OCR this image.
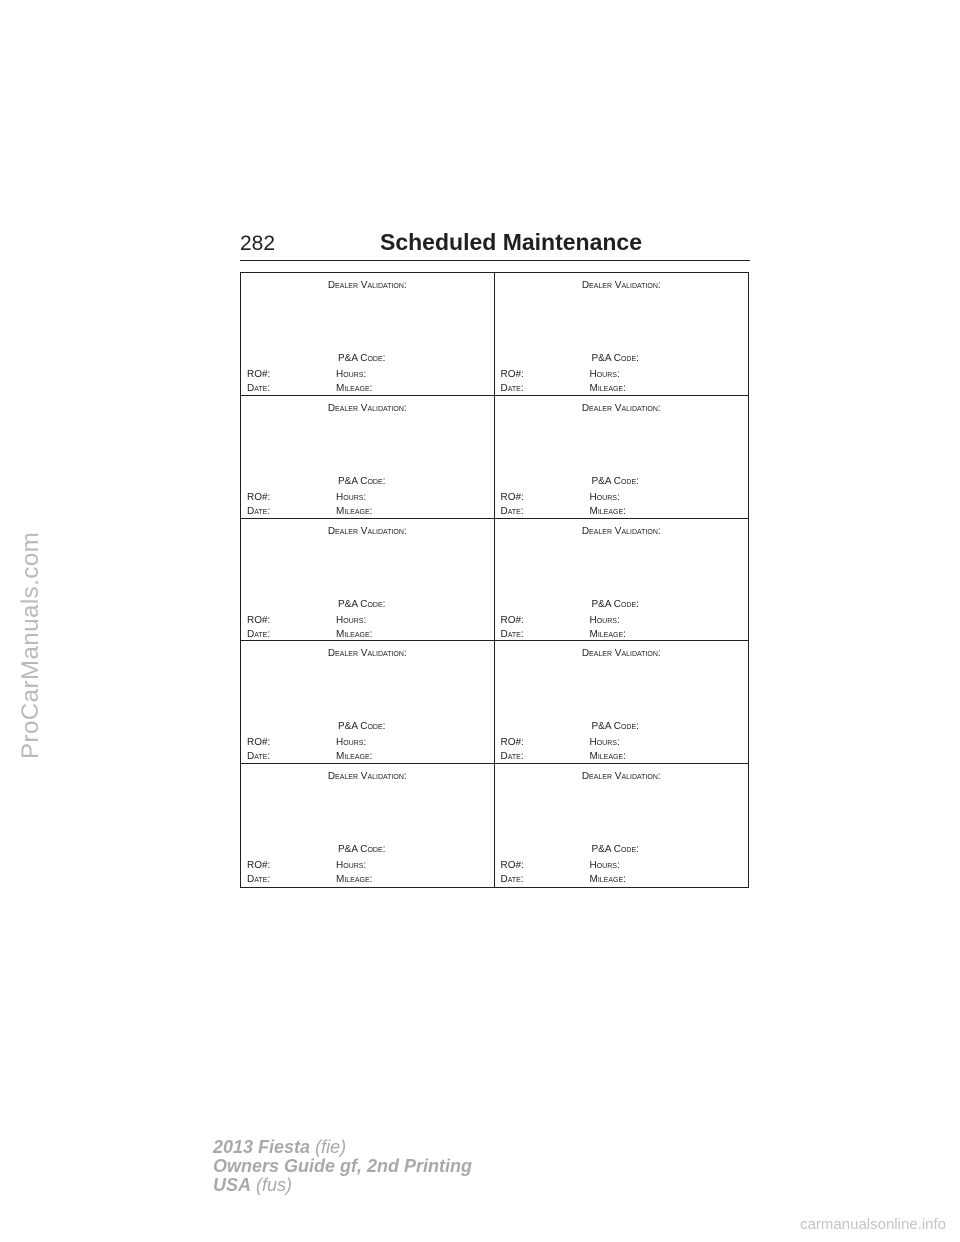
ProCarManuals.com
282	Scheduled Maintenance
Dealer Validation:
P&A Code:
RO#:	Hours:
Date:	Mileage:
Dealer Validation:
P&A Code:
RO#:	Hours:
Date:	Mileage:
Dealer Validation:
P&A Code:
RO#:	Hours:
Date:	Mileage:
Dealer Validation:
P&A Code:
RO#:	Hours:
Date:	Mileage:
Dealer Validation:
P&A Code:
RO#:	Hours:
Date:	Mileage:
Dealer Validation:
P&A Code:
RO#:	Hours:
Date:	Mileage:
Dealer Validation:
P&A Code:
RO#:	Hours:
Date:	Mileage:
Dealer Validation:
P&A Code:
RO#:	Hours:
Date:	Mileage:
Dealer Validation:
P&A Code:
RO#:	Hours:
Date:	Mileage:
Dealer Validation:
P&A Code:
RO#:	Hours:
Date:	Mileage:
2013 Fiesta (fie)
Owners Guide gf, 2nd Printing
USA (fus)
carmanualsonline.info
